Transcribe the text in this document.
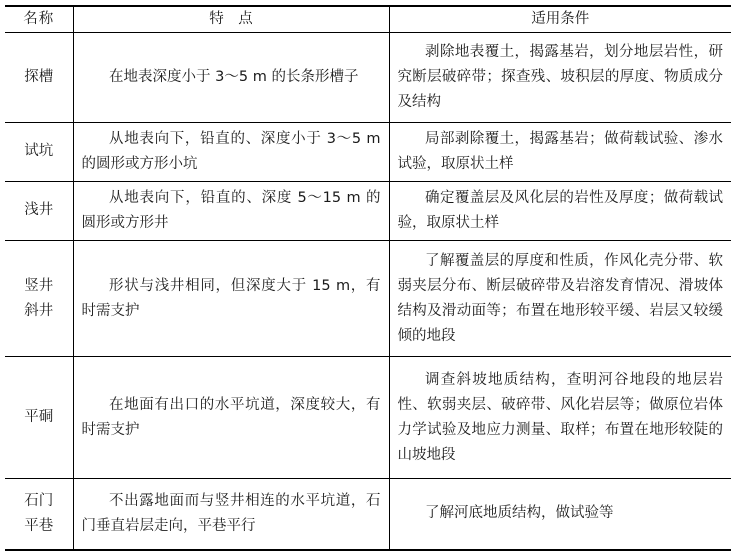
名称	特　点	适用条件

探槽	在地表深度小于 3～5 m 的长条形槽子	剥除地表覆土，揭露基岩，划分地层岩性，研究断层破碎带；探查残、坡积层的厚度、物质成分及结构

试坑	从地表向下，铅直的、深度小于 3～5 m 的圆形或方形小坑	局部剥除覆土，揭露基岩；做荷载试验、渗水试验，取原状土样

浅井	从地表向下，铅直的、深度 5～15 m 的圆形或方形井	确定覆盖层及风化层的岩性及厚度；做荷载试验，取原状土样

竖井
斜井	形状与浅井相同，但深度大于 15 m，有时需支护	了解覆盖层的厚度和性质，作风化壳分带、软弱夹层分布、断层破碎带及岩溶发育情况、滑坡体结构及滑动面等；布置在地形较平缓、岩层又较缓倾的地段

平硐	在地面有出口的水平坑道，深度较大，有时需支护	调查斜坡地质结构，查明河谷地段的地层岩性、软弱夹层、破碎带、风化岩层等；做原位岩体力学试验及地应力测量、取样；布置在地形较陡的山坡地段

石门
平巷	不出露地面而与竖井相连的水平坑道，石门垂直岩层走向，平巷平行	了解河底地质结构，做试验等
